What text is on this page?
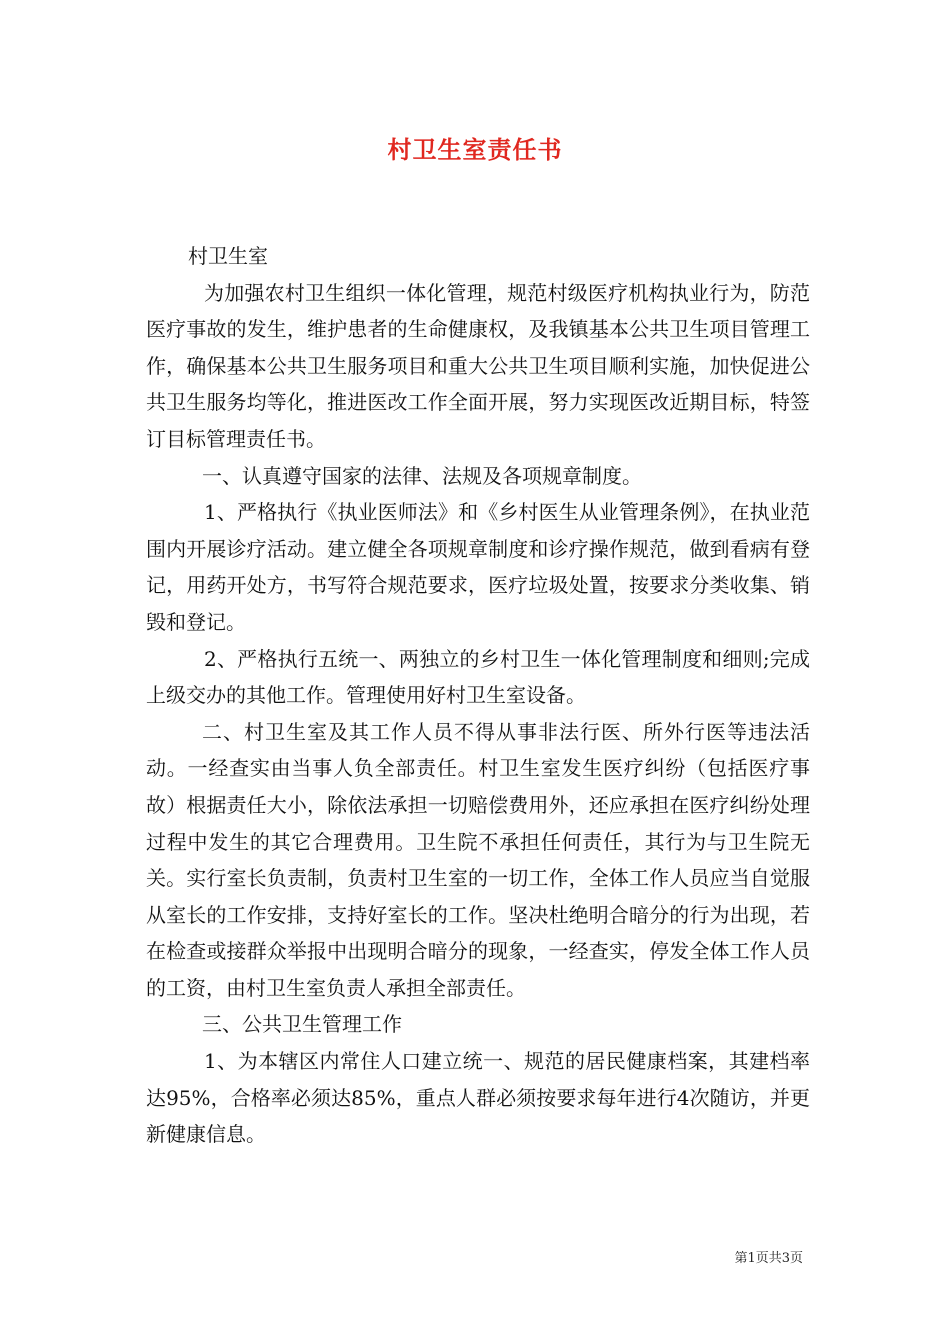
村卫生室责任书

村卫生室

为加强农村卫生组织一体化管理，规范村级医疗机构执业行为，防范医疗事故的发生，维护患者的生命健康权，及我镇基本公共卫生项目管理工作，确保基本公共卫生服务项目和重大公共卫生项目顺利实施，加快促进公共卫生服务均等化，推进医改工作全面开展，努力实现医改近期目标，特签订目标管理责任书。

一、认真遵守国家的法律、法规及各项规章制度。

1、严格执行《执业医师法》和《乡村医生从业管理条例》，在执业范围内开展诊疗活动。建立健全各项规章制度和诊疗操作规范，做到看病有登记，用药开处方，书写符合规范要求，医疗垃圾处置，按要求分类收集、销毁和登记。

2、严格执行五统一、两独立的乡村卫生一体化管理制度和细则;完成上级交办的其他工作。管理使用好村卫生室设备。

二、村卫生室及其工作人员不得从事非法行医、所外行医等违法活动。一经查实由当事人负全部责任。村卫生室发生医疗纠纷（包括医疗事故）根据责任大小，除依法承担一切赔偿费用外，还应承担在医疗纠纷处理过程中发生的其它合理费用。卫生院不承担任何责任，其行为与卫生院无关。实行室长负责制，负责村卫生室的一切工作，全体工作人员应当自觉服从室长的工作安排，支持好室长的工作。坚决杜绝明合暗分的行为出现，若在检查或接群众举报中出现明合暗分的现象，一经查实，停发全体工作人员的工资，由村卫生室负责人承担全部责任。

三、公共卫生管理工作

1、为本辖区内常住人口建立统一、规范的居民健康档案，其建档率达95%，合格率必须达85%，重点人群必须按要求每年进行4次随访，并更新健康信息。

第1页共3页
